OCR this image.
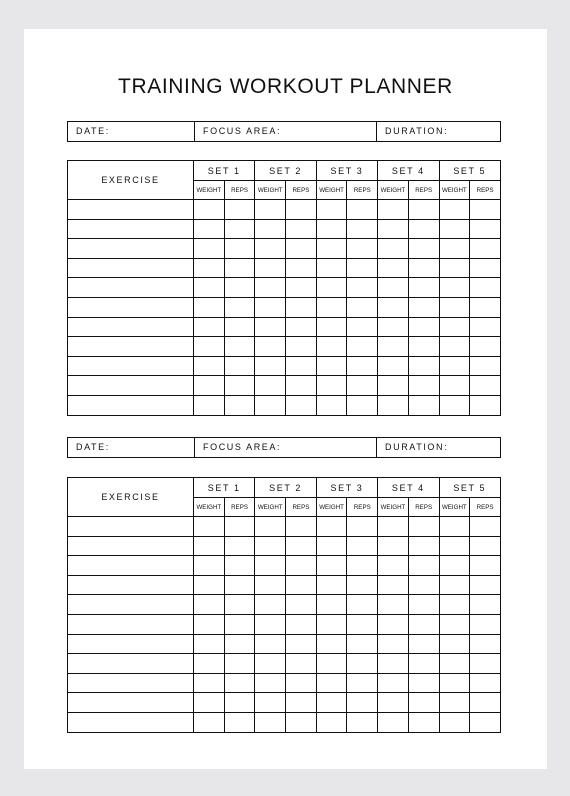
TRAINING WORKOUT PLANNER
DATE:	FOCUS AREA:	DURATION:
EXERCISE	SET 1		SET 2		SET 3		SET 4		SET 5	
	WEIGHT	REPS	WEIGHT	REPS	WEIGHT	REPS	WEIGHT	REPS	WEIGHT	REPS

DATE:	FOCUS AREA:	DURATION:
EXERCISE	SET 1		SET 2		SET 3		SET 4		SET 5	
	WEIGHT	REPS	WEIGHT	REPS	WEIGHT	REPS	WEIGHT	REPS	WEIGHT	REPS
